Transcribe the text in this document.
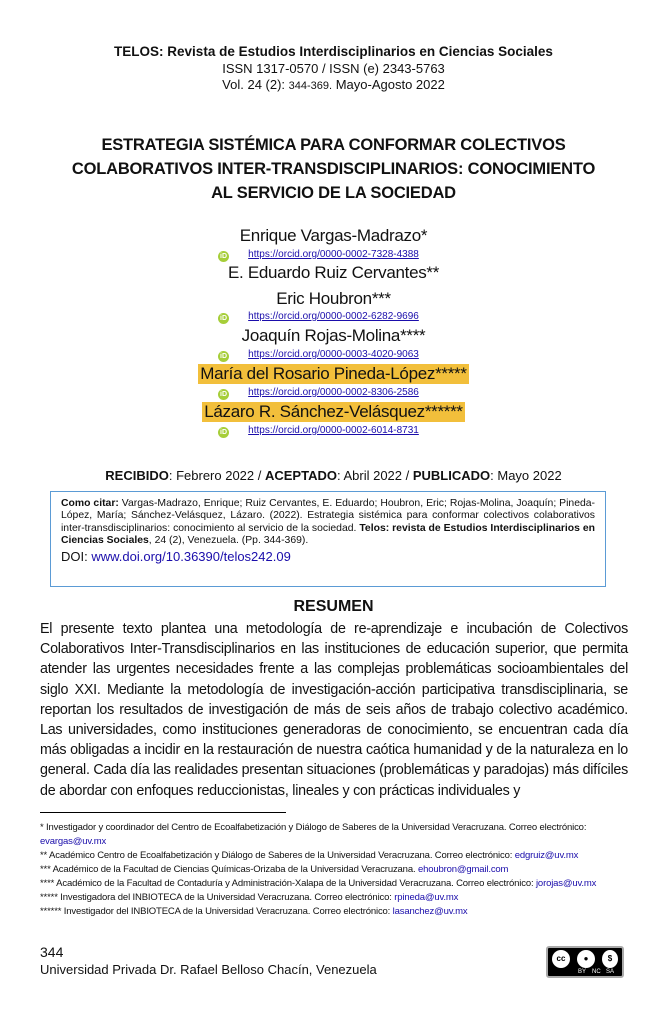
TELOS: Revista de Estudios Interdisciplinarios en Ciencias Sociales
ISSN 1317-0570 / ISSN (e) 2343-5763
Vol. 24 (2): 344-369. Mayo-Agosto 2022
ESTRATEGIA SISTÉMICA PARA CONFORMAR COLECTIVOS COLABORATIVOS INTER-TRANSDISCIPLINARIOS: CONOCIMIENTO AL SERVICIO DE LA SOCIEDAD
Enrique Vargas-Madrazo*
iD	https://orcid.org/0000-0002-7328-4388
E. Eduardo Ruiz Cervantes**
Eric Houbron***
iD	https://orcid.org/0000-0002-6282-9696
Joaquín Rojas-Molina****
iD	https://orcid.org/0000-0003-4020-9063
María del Rosario Pineda-López*****
iD	https://orcid.org/0000-0002-8306-2586
Lázaro R. Sánchez-Velásquez******
iD	https://orcid.org/0000-0002-6014-8731
RECIBIDO: Febrero 2022 / ACEPTADO: Abril 2022 / PUBLICADO: Mayo 2022
Como citar: Vargas-Madrazo, Enrique; Ruiz Cervantes, E. Eduardo; Houbron, Eric; Rojas-Molina, Joaquín; Pineda-López, María; Sánchez-Velásquez, Lázaro. (2022). Estrategia sistémica para conformar colectivos colaborativos inter-transdisciplinarios: conocimiento al servicio de la sociedad. Telos: revista de Estudios Interdisciplinarios en Ciencias Sociales, 24 (2), Venezuela. (Pp. 344-369).
DOI: www.doi.org/10.36390/telos242.09
RESUMEN
El presente texto plantea una metodología de re-aprendizaje e incubación de Colectivos Colaborativos Inter-Transdisciplinarios en las instituciones de educación superior, que permita atender las urgentes necesidades frente a las complejas problemáticas socioambientales del siglo XXI. Mediante la metodología de investigación-acción participativa transdisciplinaria, se reportan los resultados de investigación de más de seis años de trabajo colectivo académico. Las universidades, como instituciones generadoras de conocimiento, se encuentran cada día más obligadas a incidir en la restauración de nuestra caótica humanidad y de la naturaleza en lo general. Cada día las realidades presentan situaciones (problemáticas y paradojas) más difíciles de abordar con enfoques reduccionistas, lineales y con prácticas individuales y
* Investigador y coordinador del Centro de Ecoalfabetización y Diálogo de Saberes de la Universidad Veracruzana. Correo electrónico: evargas@uv.mx
** Académico Centro de Ecoalfabetización y Diálogo de Saberes de la Universidad Veracruzana. Correo electrónico: edgruiz@uv.mx
*** Académico de la Facultad de Ciencias Químicas-Orizaba de la Universidad Veracruzana. ehoubron@gmail.com
**** Académico de la Facultad de Contaduría y Administración-Xalapa de la Universidad Veracruzana. Correo electrónico: jorojas@uv.mx
***** Investigadora del INBIOTECA de la Universidad Veracruzana. Correo electrónico: rpineda@uv.mx
****** Investigador del INBIOTECA de la Universidad Veracruzana. Correo electrónico: lasanchez@uv.mx
344
Universidad Privada Dr. Rafael Belloso Chacín, Venezuela
cc	●	$
BY NC SA
